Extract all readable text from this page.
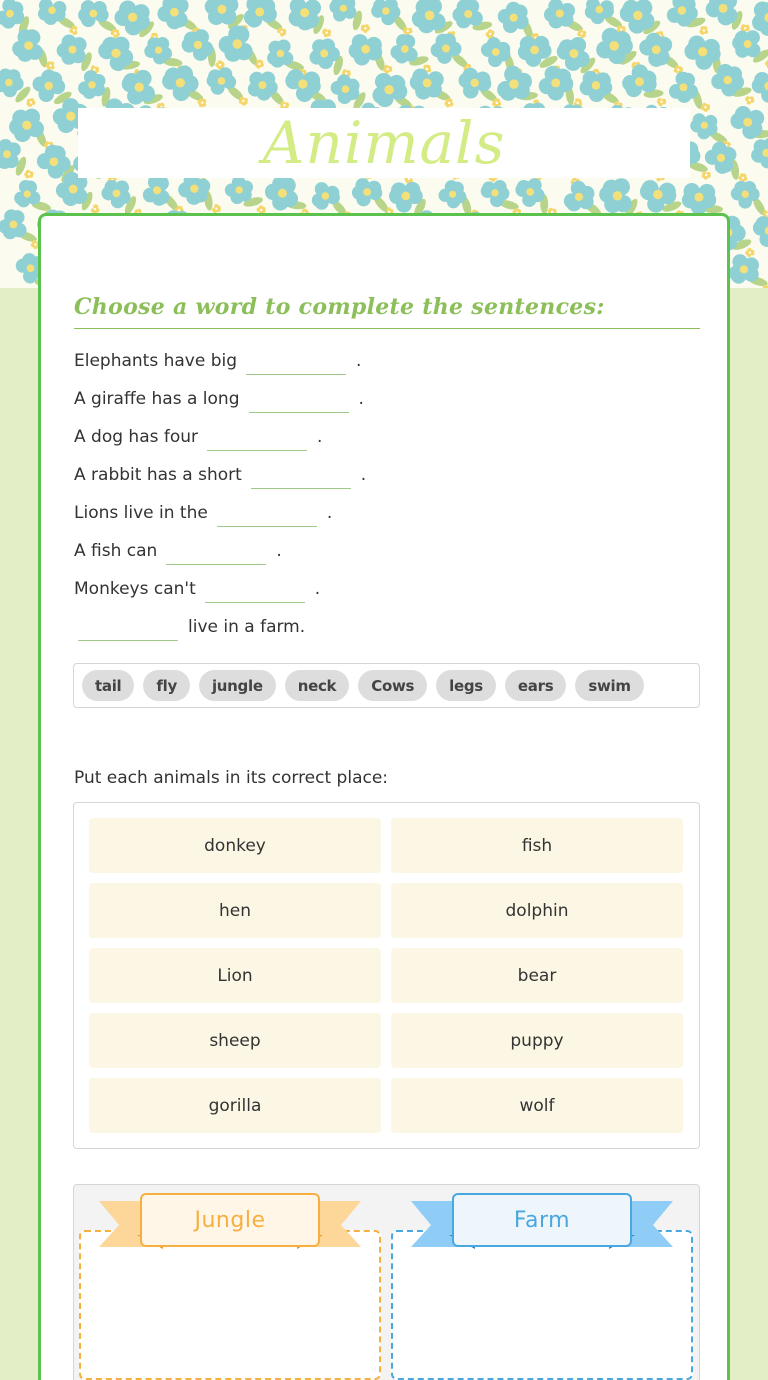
Animals
Choose a word to complete the sentences:
Elephants have big	.
A giraffe has a long	.
A dog has four	.
A rabbit has a short	.
Lions live in the	.
A fish can	.
Monkeys can't	.
live in a farm.
tail	fly	jungle	neck	Cows	legs	ears	swim
Put each animals in its correct place:
donkey	fish
hen	dolphin
Lion	bear
sheep	puppy
gorilla	wolf
Jungle	Farm
